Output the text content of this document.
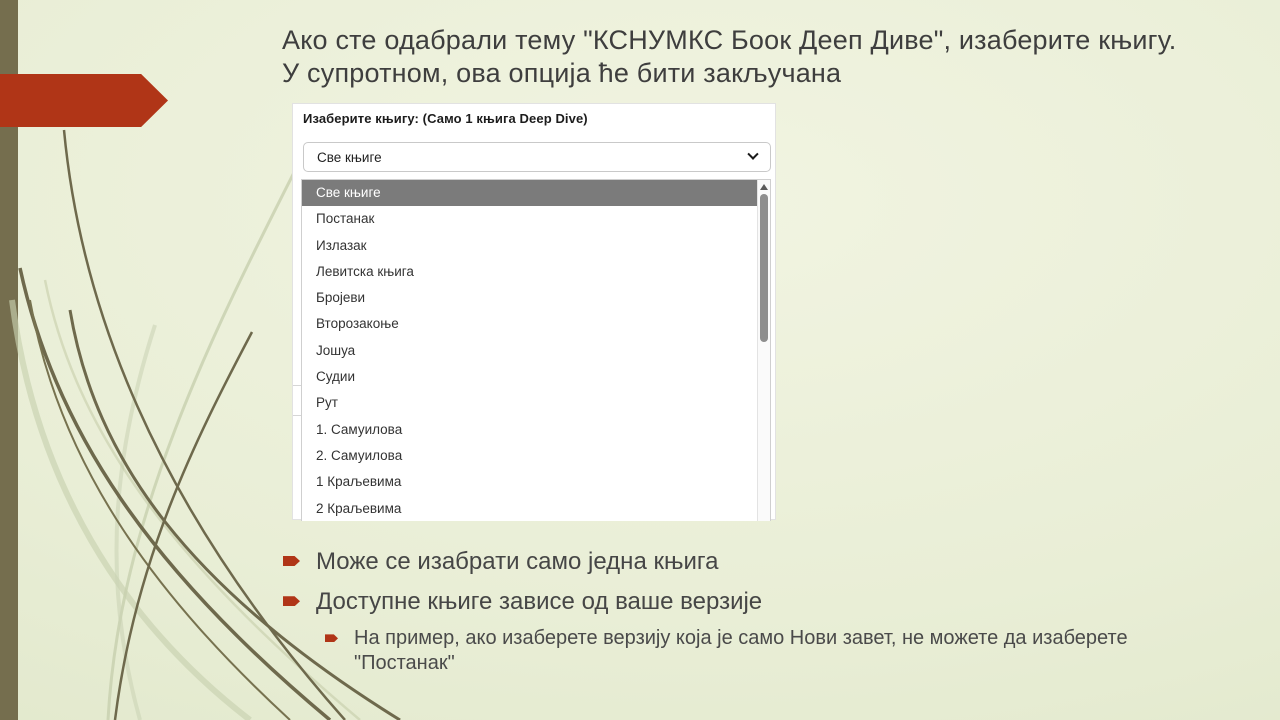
Ако сте одабрали тему "КСНУМКС Боок Дееп Диве", изаберите књигу. У супротном, ова опција ће бити закључана
Изаберите књигу: (Само 1 књига Deep Dive)
Све књиге
Све књиге
Постанак
Излазак
Левитска књига
Бројеви
Второзакоње
Јошуа
Судии
Рут
1. Самуилова
2. Самуилова
1 Краљевима
2 Краљевима
Може се изабрати само једна књига
Доступне књиге зависе од ваше верзије
На пример, ако изаберете верзију која је само Нови завет, не можете да изаберете "Постанак"
